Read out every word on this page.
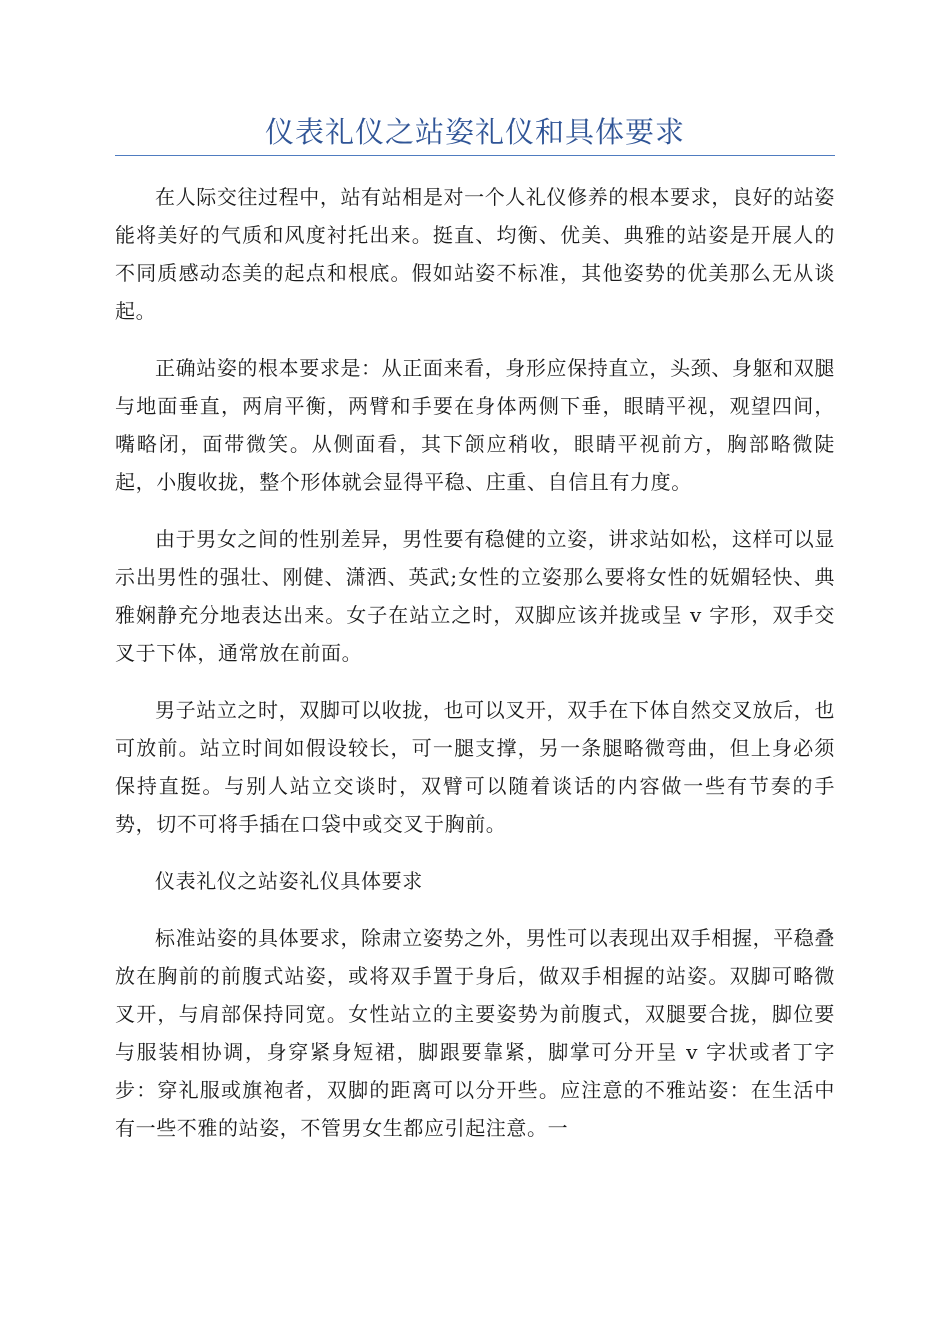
仪表礼仪之站姿礼仪和具体要求

在人际交往过程中，站有站相是对一个人礼仪修养的根本要求，良好的站姿能将美好的气质和风度衬托出来。挺直、均衡、优美、典雅的站姿是开展人的不同质感动态美的起点和根底。假如站姿不标准，其他姿势的优美那么无从谈起。

正确站姿的根本要求是：从正面来看，身形应保持直立，头颈、身躯和双腿与地面垂直，两肩平衡，两臂和手要在身体两侧下垂，眼睛平视，观望四间，嘴略闭，面带微笑。从侧面看，其下颌应稍收，眼睛平视前方，胸部略微陡起，小腹收拢，整个形体就会显得平稳、庄重、自信且有力度。

由于男女之间的性别差异，男性要有稳健的立姿，讲求站如松，这样可以显示出男性的强壮、刚健、潇洒、英武;女性的立姿那么要将女性的妩媚轻快、典雅娴静充分地表达出来。女子在站立之时，双脚应该并拢或呈 v 字形，双手交叉于下体，通常放在前面。

男子站立之时，双脚可以收拢，也可以叉开，双手在下体自然交叉放后，也可放前。站立时间如假设较长，可一腿支撑，另一条腿略微弯曲，但上身必须保持直挺。与别人站立交谈时，双臂可以随着谈话的内容做一些有节奏的手势，切不可将手插在口袋中或交叉于胸前。

仪表礼仪之站姿礼仪具体要求

标准站姿的具体要求，除肃立姿势之外，男性可以表现出双手相握，平稳叠放在胸前的前腹式站姿，或将双手置于身后，做双手相握的站姿。双脚可略微叉开，与肩部保持同宽。女性站立的主要姿势为前腹式，双腿要合拢，脚位要与服装相协调，身穿紧身短裙，脚跟要靠紧，脚掌可分开呈 v 字状或者丁字步：穿礼服或旗袍者，双脚的距离可以分开些。应注意的不雅站姿：在生活中有一些不雅的站姿，不管男女生都应引起注意。一
